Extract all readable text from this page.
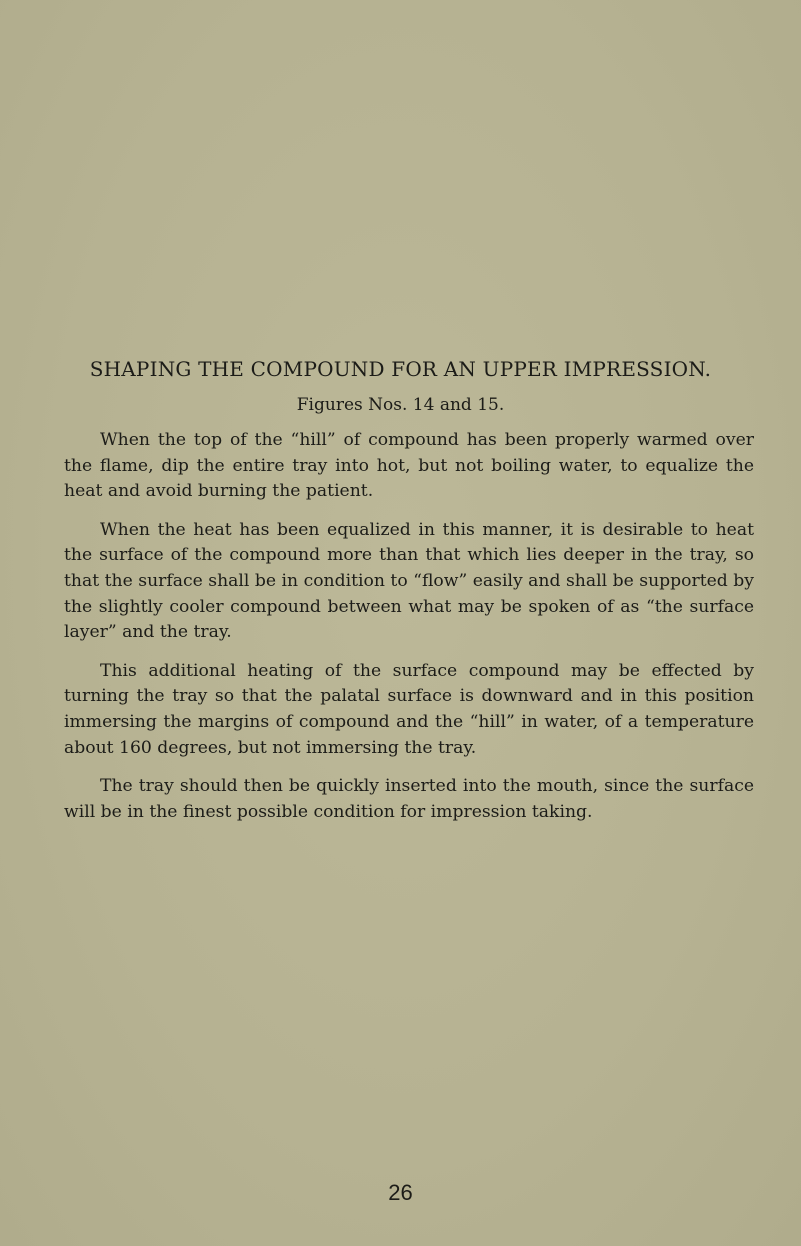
SHAPING THE COMPOUND FOR AN UPPER IMPRESSION.
Figures Nos. 14 and 15.

When the top of the “hill” of compound has been properly warmed over the flame, dip the entire tray into hot, but not boiling water, to equalize the heat and avoid burning the patient.

When the heat has been equalized in this manner, it is desirable to heat the surface of the compound more than that which lies deeper in the tray, so that the surface shall be in condition to “flow” easily and shall be supported by the slightly cooler compound between what may be spoken of as “the surface layer” and the tray.

This additional heating of the surface compound may be effected by turning the tray so that the palatal surface is downward and in this position immersing the margins of compound and the “hill” in water, of a temperature about 160 degrees, but not immersing the tray.

The tray should then be quickly inserted into the mouth, since the surface will be in the finest possible condition for impression taking.

26
